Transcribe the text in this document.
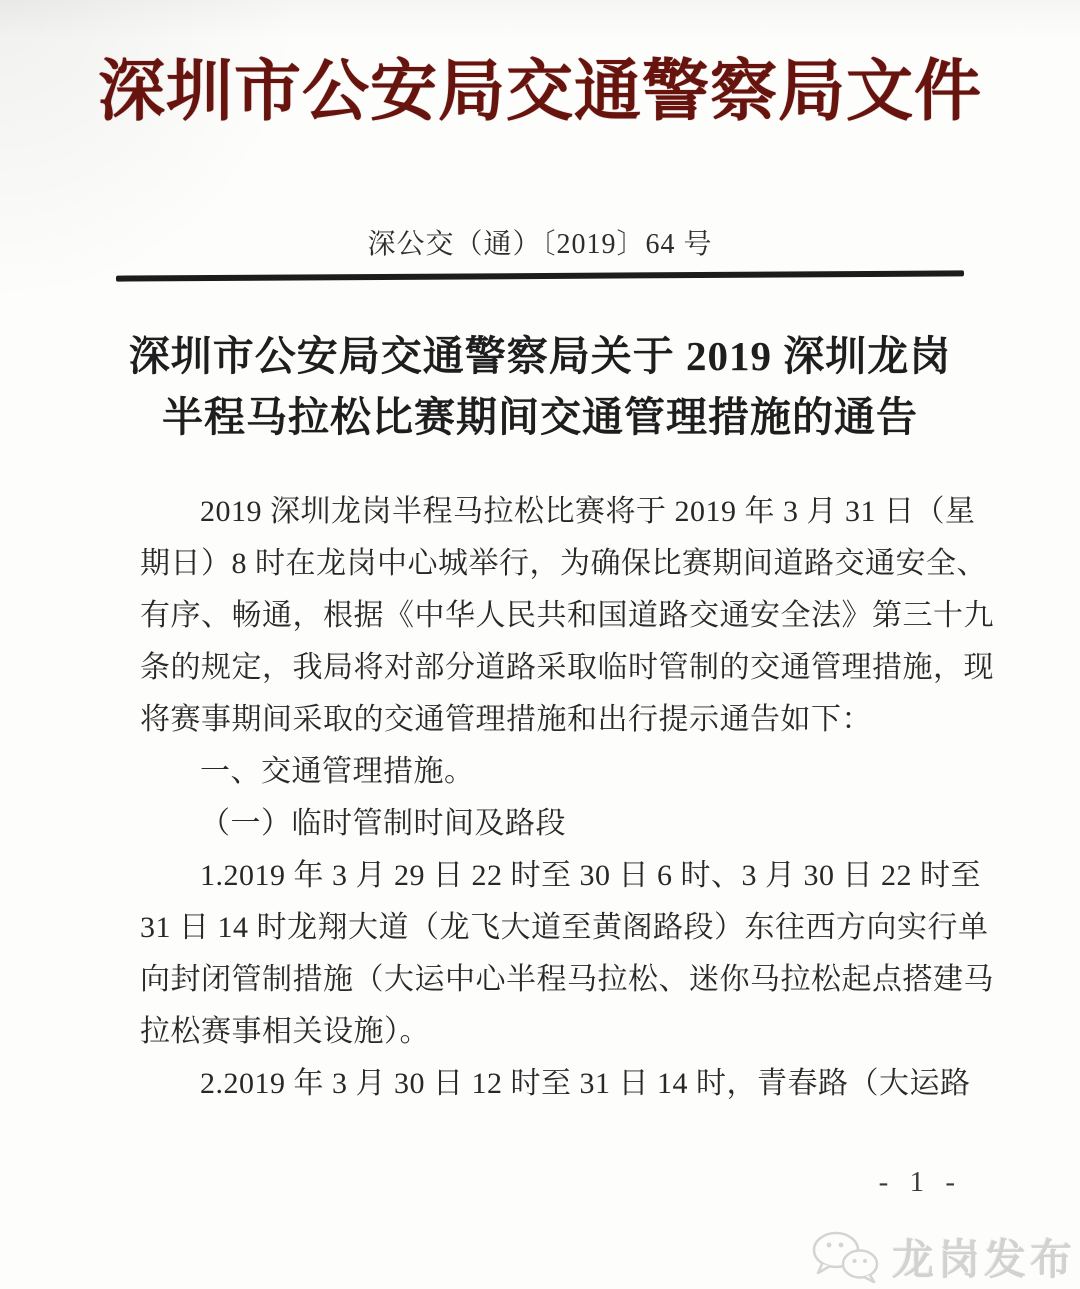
深圳市公安局交通警察局文件
深公交（通）〔2019〕64 号
深圳市公安局交通警察局关于 2019 深圳龙岗
半程马拉松比赛期间交通管理措施的通告
2019 深圳龙岗半程马拉松比赛将于 2019 年 3 月 31 日（星
期日）8 时在龙岗中心城举行，为确保比赛期间道路交通安全、
有序、畅通，根据《中华人民共和国道路交通安全法》第三十九
条的规定，我局将对部分道路采取临时管制的交通管理措施，现
将赛事期间采取的交通管理措施和出行提示通告如下：
一、交通管理措施。
（一）临时管制时间及路段
1.2019 年 3 月 29 日 22 时至 30 日 6 时、3 月 30 日 22 时至
31 日 14 时龙翔大道（龙飞大道至黄阁路段）东往西方向实行单
向封闭管制措施（大运中心半程马拉松、迷你马拉松起点搭建马
拉松赛事相关设施）。
2.2019 年 3 月 30 日 12 时至 31 日 14 时，青春路（大运路
- 1 -
龙岗发布
